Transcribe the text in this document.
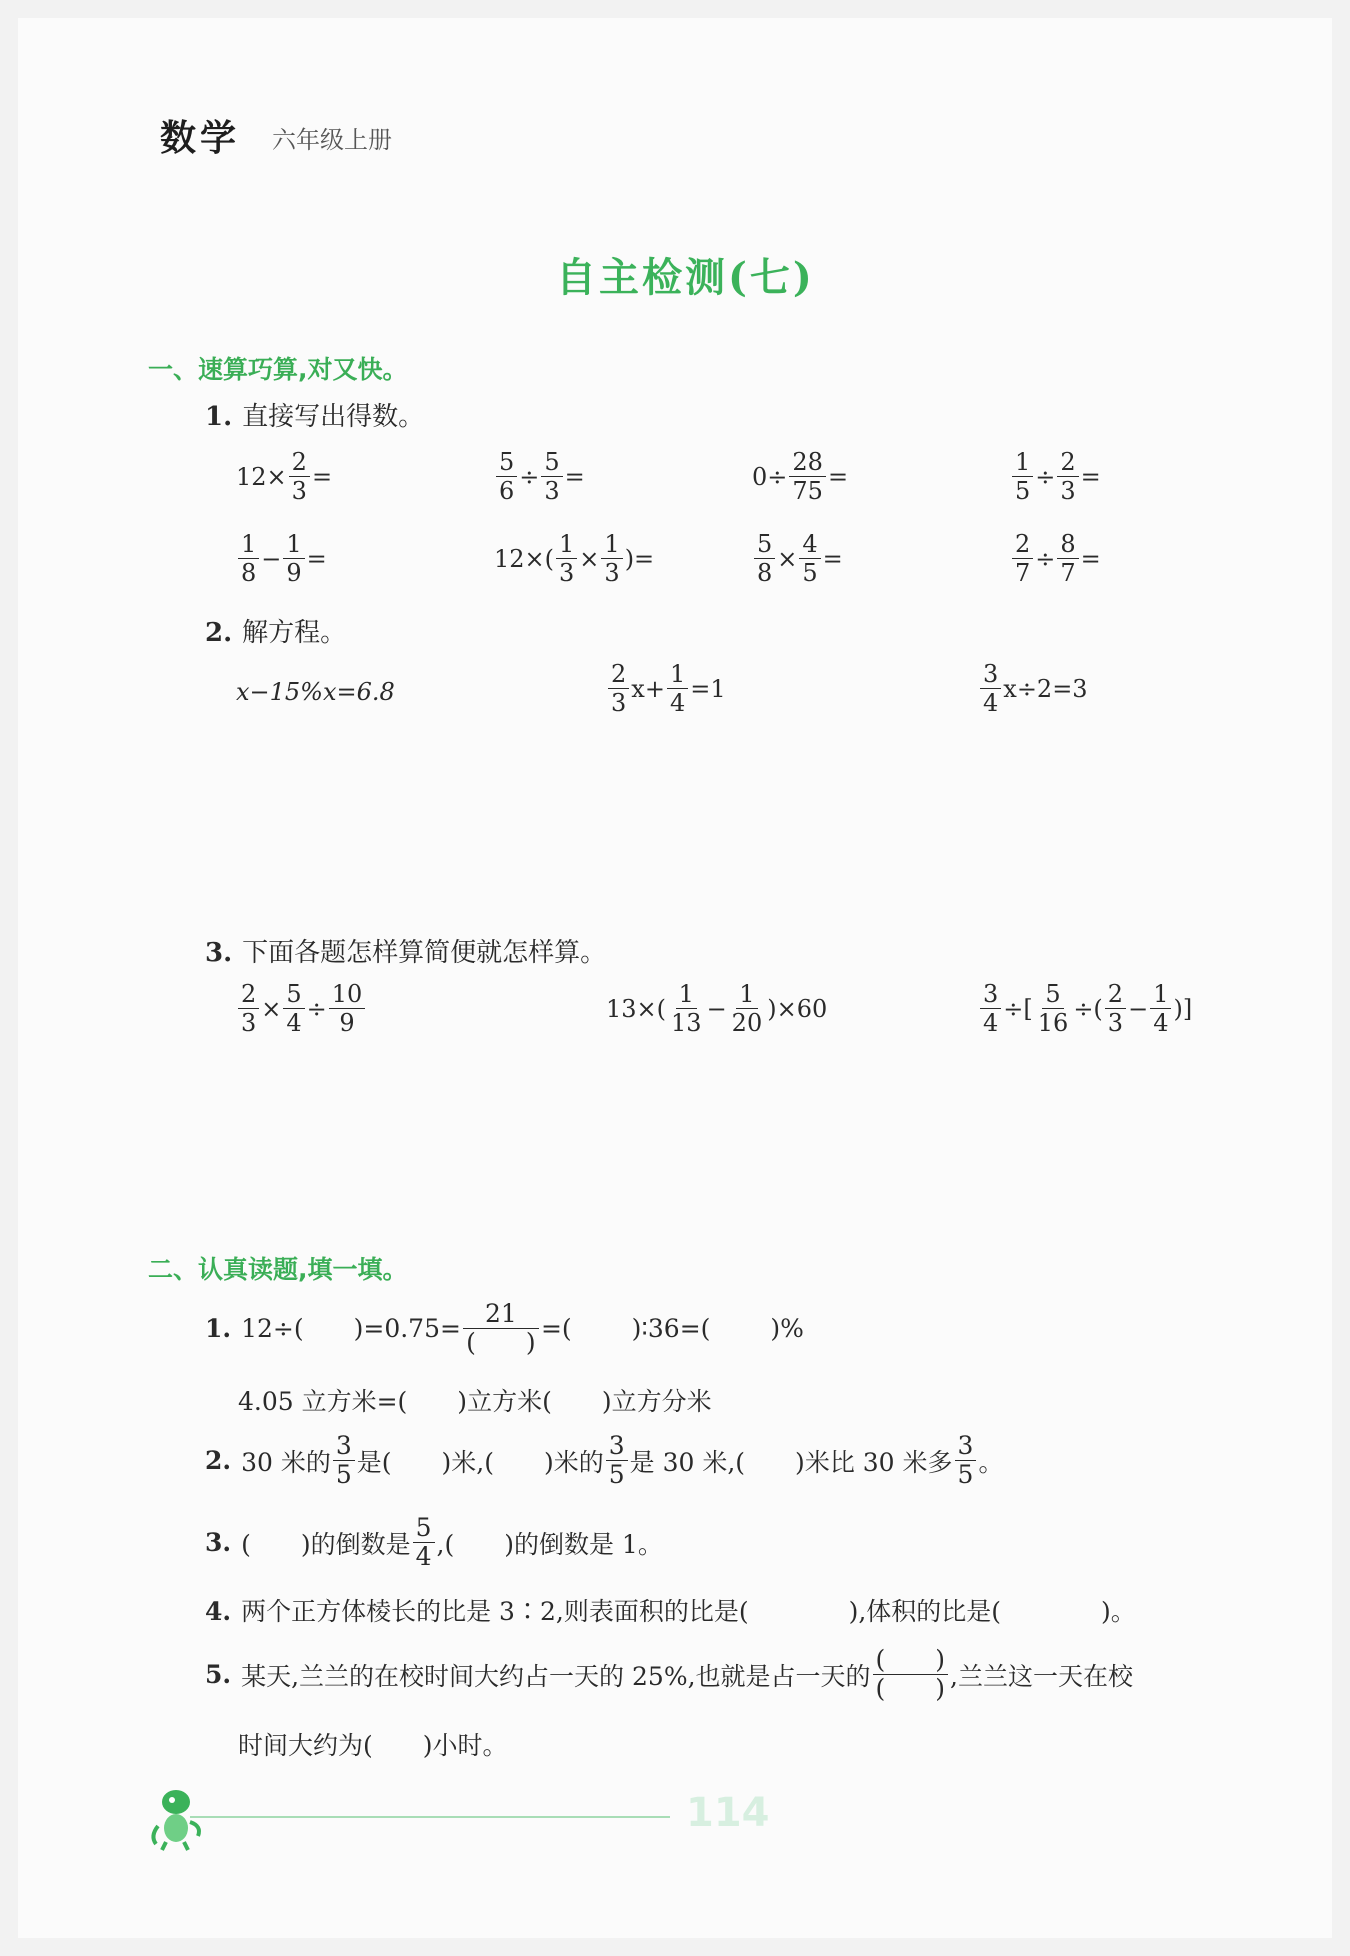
数学 六年级上册
自主检测(七)
一、速算巧算,对又快。
1. 直接写出得数。
$12\times \frac{2}{3}$ =	$\frac{5}{6} \div \frac{5}{3}$ =	$0\div \frac{28}{75}$ =	$\frac{1}{5} \div \frac{2}{3}$ =
$\frac{1}{8} - \frac{1}{9}$ =	$12\times( \frac{1}{3} \times \frac{1}{3}$ )=	$\frac{5}{8} \times \frac{4}{5}$ =	$\frac{2}{7} \div \frac{8}{7}$ =
2. 解方程。
x−15%x=6.8	$\frac{2}{3} x+ \frac{1}{4} =1$	$\frac{3}{4} x\div 2=3$
3. 下面各题怎样算简便就怎样算。
$\frac{2}{3} \times \frac{5}{4} \div \frac{10}{9}$	$13\times( \frac{1}{13} - \frac{1}{20} )\times 60$	$\frac{3}{4}$ ÷[ $\frac{5}{16}$ ÷( $\frac{2}{3} - \frac{1}{4}$ )]
二、认真读题,填一填。
1. 12÷( )$=0.75= \frac{21}{( )}$ =( )∶36=( )%
4.05 立方米=(　　)立方米(　　)立方分米
2. 30 米的 $\frac{3}{5}$ 是(　　)米,(　　)米的 $\frac{3}{5}$ 是 30 米,(　　)米比 30 米多 $\frac{3}{5}$ 。
3. (　　)的倒数是 $\frac{5}{4}$ ,(　　)的倒数是 1。
4. 两个正方体棱长的比是 3∶2,则表面积的比是(　　　　),体积的比是(　　　　)。
5. 某天,兰兰的在校时间大约占一天的 25%,也就是占一天的 $\frac{( )}{( )}$ ,兰兰这一天在校
时间大约为(　　)小时。
114
